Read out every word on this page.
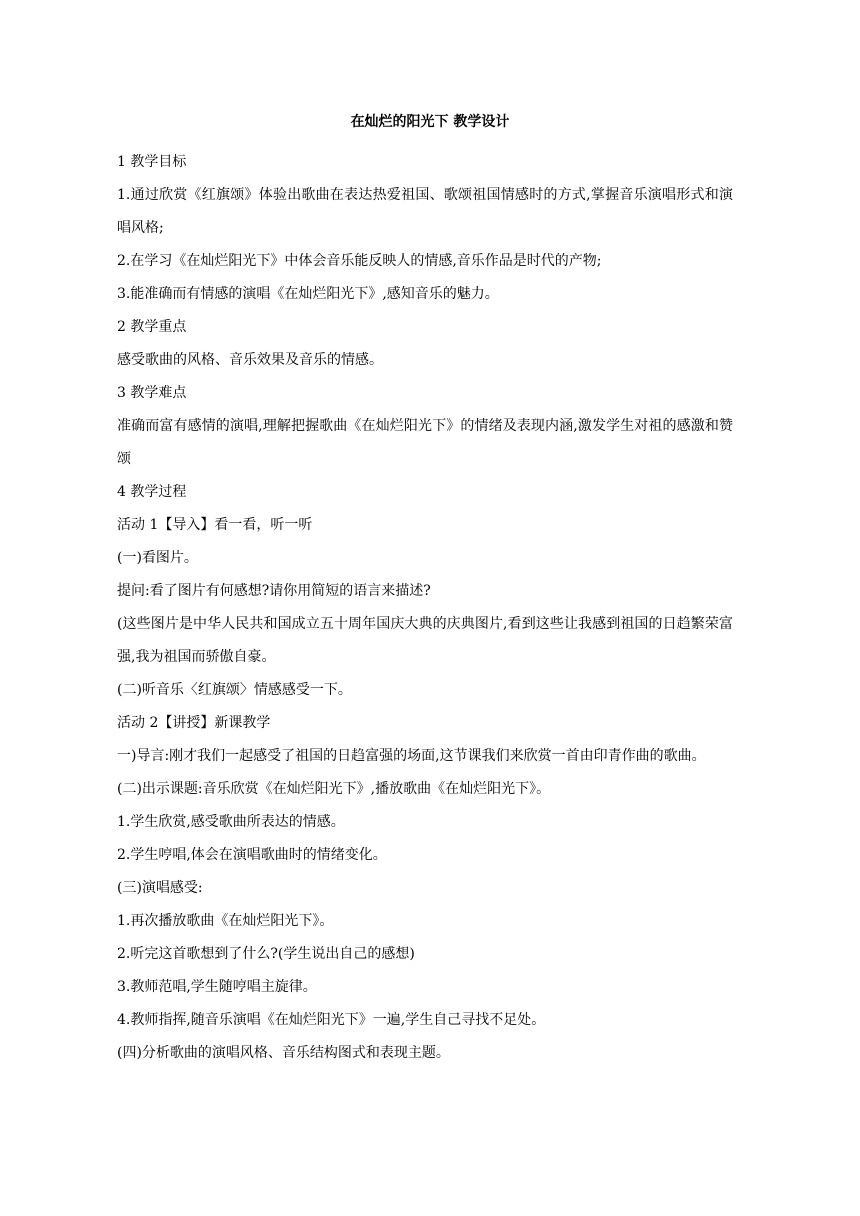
在灿烂的阳光下 教学设计

1 教学目标

1.通过欣赏《红旗颂》体验出歌曲在表达热爱祖国、歌颂祖国情感时的方式,掌握音乐演唱形式和演唱风格;

2.在学习《在灿烂阳光下》中体会音乐能反映人的情感,音乐作品是时代的产物;

3.能准确而有情感的演唱《在灿烂阳光下》,感知音乐的魅力。

2 教学重点

感受歌曲的风格、音乐效果及音乐的情感。

3 教学难点

准确而富有感情的演唱,理解把握歌曲《在灿烂阳光下》的情绪及表现内涵,激发学生对祖的感激和赞颂

4 教学过程

活动 1【导入】看一看，听一听

(一)看图片。

提问:看了图片有何感想?请你用简短的语言来描述?

(这些图片是中华人民共和国成立五十周年国庆大典的庆典图片,看到这些让我感到祖国的日趋繁荣富强,我为祖国而骄傲自豪。

(二)听音乐〈红旗颂〉情感感受一下。

活动 2【讲授】新课教学

一)导言:刚才我们一起感受了祖国的日趋富强的场面,这节课我们来欣赏一首由印青作曲的歌曲。

(二)出示课题:音乐欣赏《在灿烂阳光下》,播放歌曲《在灿烂阳光下》。

1.学生欣赏,感受歌曲所表达的情感。

2.学生哼唱,体会在演唱歌曲时的情绪变化。

(三)演唱感受:

1.再次播放歌曲《在灿烂阳光下》。

2.听完这首歌想到了什么?(学生说出自己的感想)

3.教师范唱,学生随哼唱主旋律。

4.教师指挥,随音乐演唱《在灿烂阳光下》一遍,学生自己寻找不足处。

(四)分析歌曲的演唱风格、音乐结构图式和表现主题。
